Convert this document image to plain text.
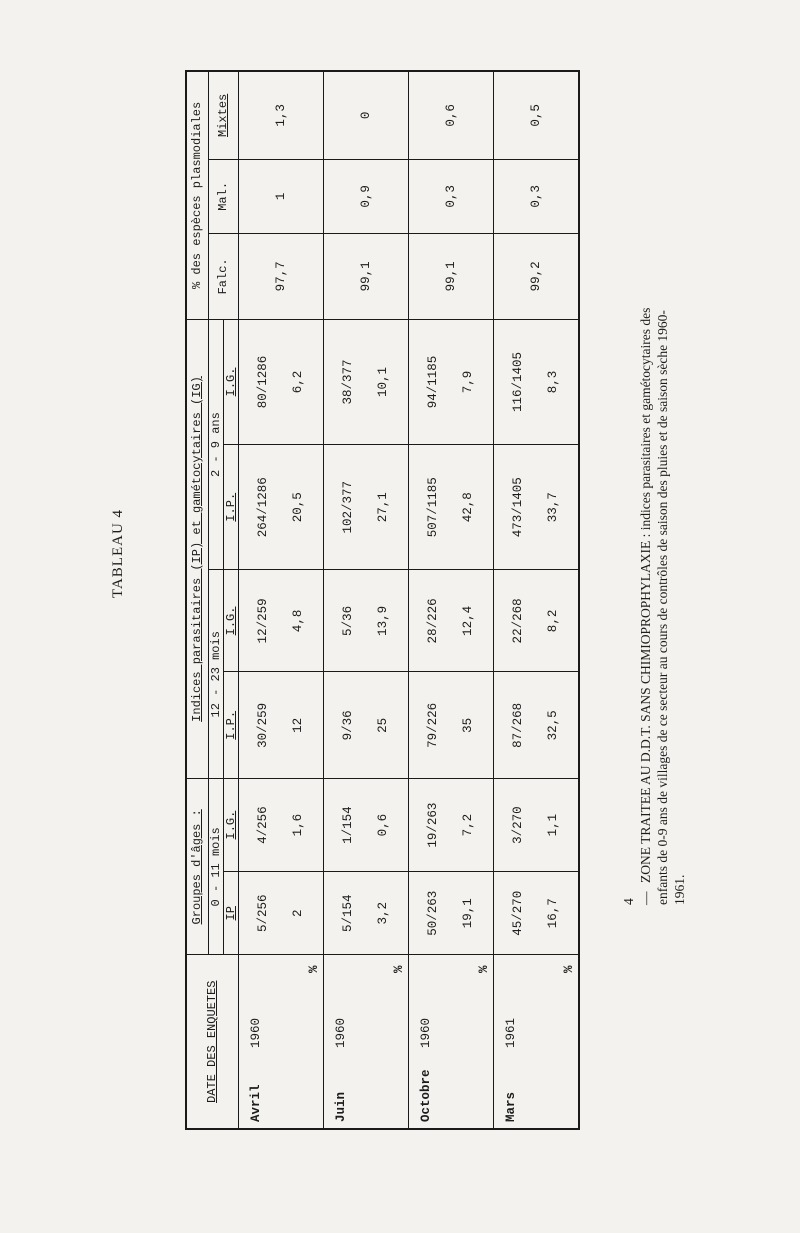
TABLEAU 4
DATE DES ENQUETES	Groupes d'âges :		Indices parasitaires (IP) et gamétocytaires (IG)				% des espèces plasmodiales		
	0 - 11 mois		12 - 23 mois		2 - 9 ans		Falc.	Mal.	Mixtes
	IP	I.G.	I.P.	I.G.	I.P.	I.G.			
Avril1960
%	5/256 2	4/256 1,6	30/259 12	12/259 4,8	264/1286 20,5	80/1286 6,2	97,7	1	1,3
Juin1960
%	5/154 3,2	1/154 0,6	9/36 25	5/36 13,9	102/377 27,1	38/377 10,1	99,1	0,9	0
Octobre1960
%	50/263 19,1	19/263 7,2	79/226 35	28/226 12,4	507/1185 42,8	94/1185 7,9	99,1	0,3	0,6
Mars1961
%	45/270 16,7	3/270 1,1	87/268 32,5	22/268 8,2	473/1405 33,7	116/1405 8,3	99,2	0,3	0,5
4 —ZONE TRAITEE AU D.D.T. SANS CHIMIOPROPHYLAXIE : indices parasitaires et gamétocytaires des enfants de 0-9 ans de villages de ce secteur au cours de contrôles de saison des pluies et de saison sèche 1960-1961.
